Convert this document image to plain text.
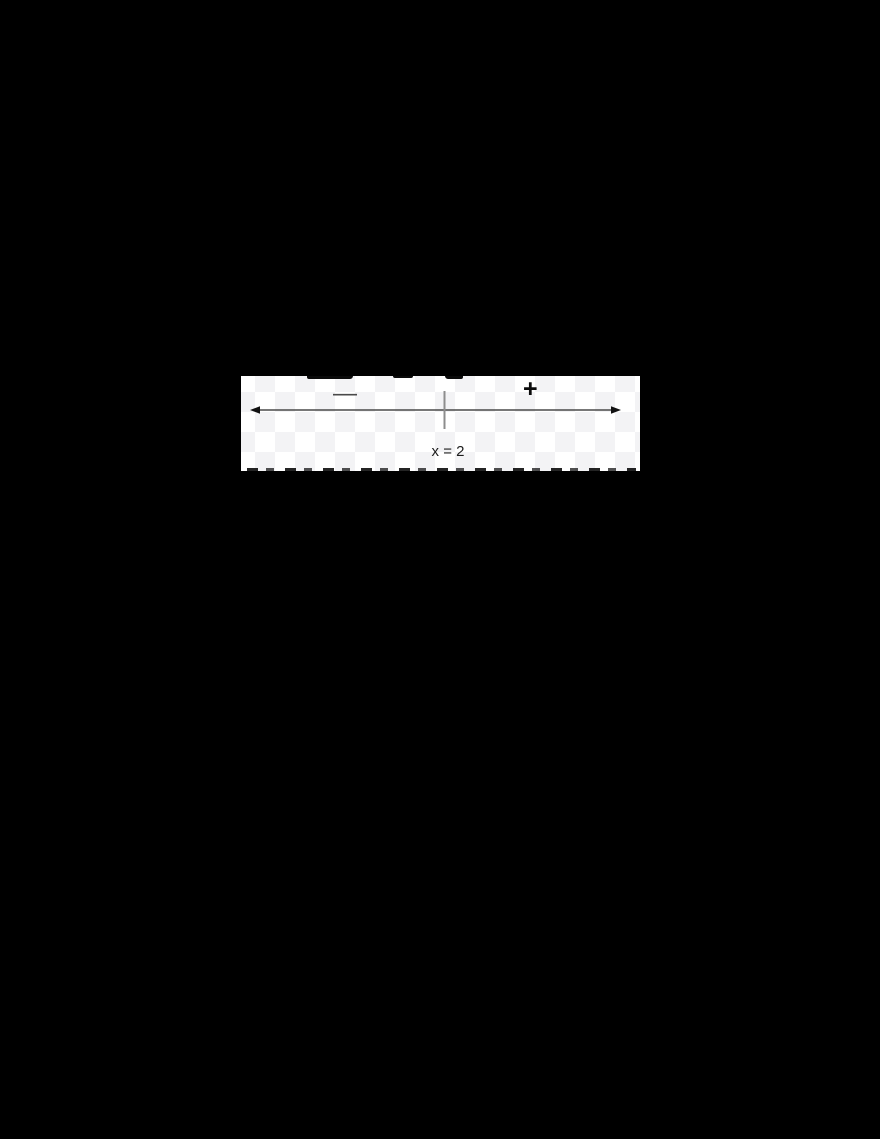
—	+
x = 2
